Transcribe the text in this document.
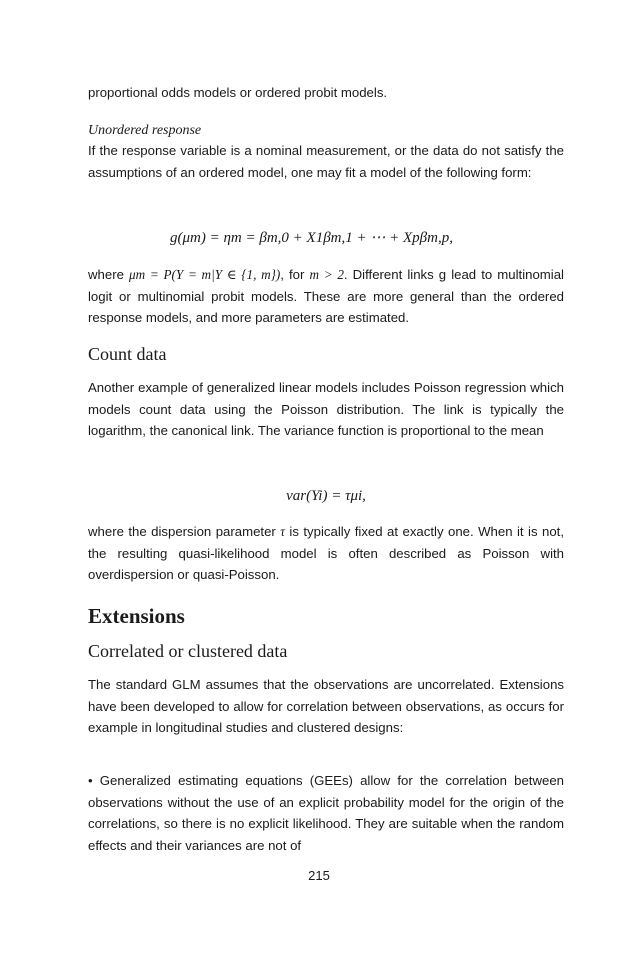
proportional odds models or ordered probit models.

Unordered response

If the response variable is a nominal measurement, or the data do not satisfy the assumptions of an ordered model, one may fit a model of the following form:

g(μm) = ηm = βm,0 + X1βm,1 + ⋯ + Xpβm,p,

where μm = P(Y = m|Y ∈ {1, m}), for m > 2. Different links g lead to multinomial logit or multinomial probit models. These are more general than the ordered response models, and more parameters are estimated.

Count data

Another example of generalized linear models includes Poisson regression which models count data using the Poisson distribution. The link is typically the logarithm, the canonical link. The variance function is proportional to the mean

var(Yi) = τμi,

where the dispersion parameter τ is typically fixed at exactly one. When it is not, the resulting quasi-likelihood model is often described as Poisson with overdispersion or quasi-Poisson.

Extensions
Correlated or clustered data

The standard GLM assumes that the observations are uncorrelated. Extensions have been developed to allow for correlation between observations, as occurs for example in longitudinal studies and clustered designs:

• Generalized estimating equations (GEEs) allow for the correlation between observations without the use of an explicit probability model for the origin of the correlations, so there is no explicit likelihood. They are suitable when the random effects and their variances are not of

215
